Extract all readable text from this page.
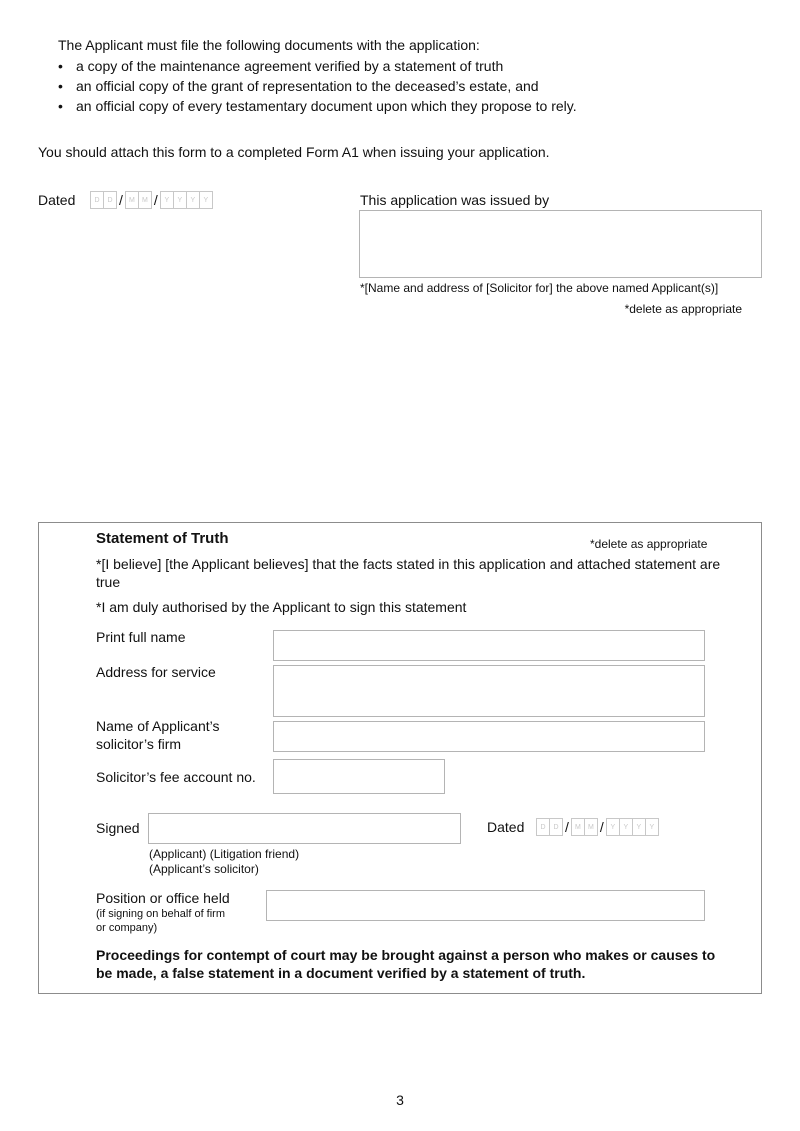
The Applicant must file the following documents with the application:
• a copy of the maintenance agreement verified by a statement of truth
• an official copy of the grant of representation to the deceased’s estate, and
• an official copy of every testamentary document upon which they propose to rely.
You should attach this form to a completed Form A1 when issuing your application.
Dated	D	D / M	M / Y	Y	Y	Y	This application was issued by
*[Name and address of [Solicitor for] the above named Applicant(s)]
*delete as appropriate
Statement of Truth	*delete as appropriate
*[I believe] [the Applicant believes] that the facts stated in this application and attached statement are true
*I am duly authorised by the Applicant to sign this statement
Print full name
Address for service
Name of Applicant’s
solicitor’s firm
Solicitor’s fee account no.
Signed	Dated	D	D / M	M / Y	Y	Y	Y
(Applicant) (Litigation friend)
(Applicant’s solicitor)
Position or office held
(if signing on behalf of firm
or company)
Proceedings for contempt of court may be brought against a person who makes or causes to be made, a false statement in a document verified by a statement of truth.
3
